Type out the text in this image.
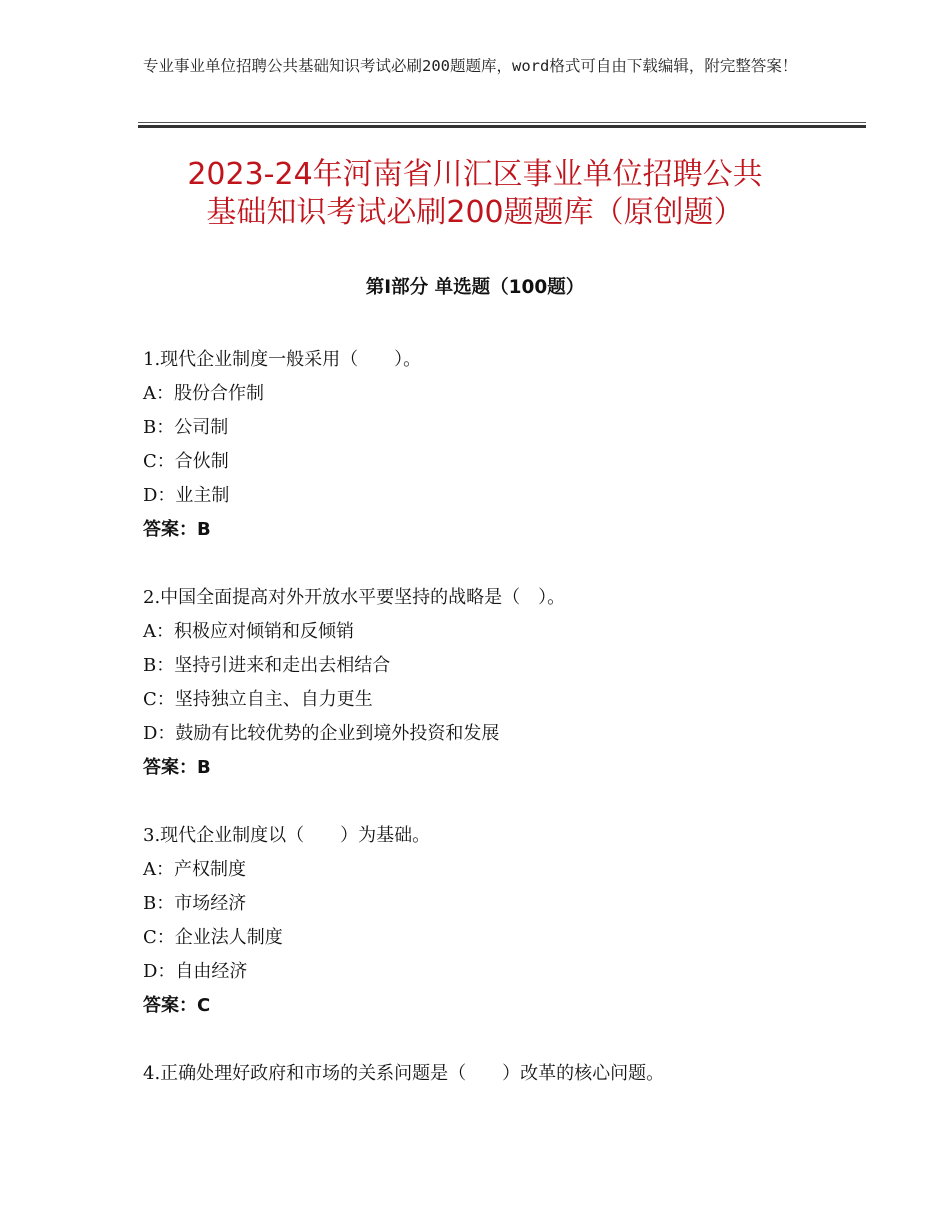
专业事业单位招聘公共基础知识考试必刷200题题库，word格式可自由下载编辑，附完整答案！
2023-24年河南省川汇区事业单位招聘公共
基础知识考试必刷200题题库（原创题）
第Ⅰ部分 单选题（100题）
1.现代企业制度一般采用（　　）。
A：股份合作制
B：公司制
C：合伙制
D：业主制
答案：B
2.中国全面提高对外开放水平要坚持的战略是（　）。
A：积极应对倾销和反倾销
B：坚持引进来和走出去相结合
C：坚持独立自主、自力更生
D：鼓励有比较优势的企业到境外投资和发展
答案：B
3.现代企业制度以（　　）为基础。
A：产权制度
B：市场经济
C：企业法人制度
D：自由经济
答案：C
4.正确处理好政府和市场的关系问题是（　　）改革的核心问题。
